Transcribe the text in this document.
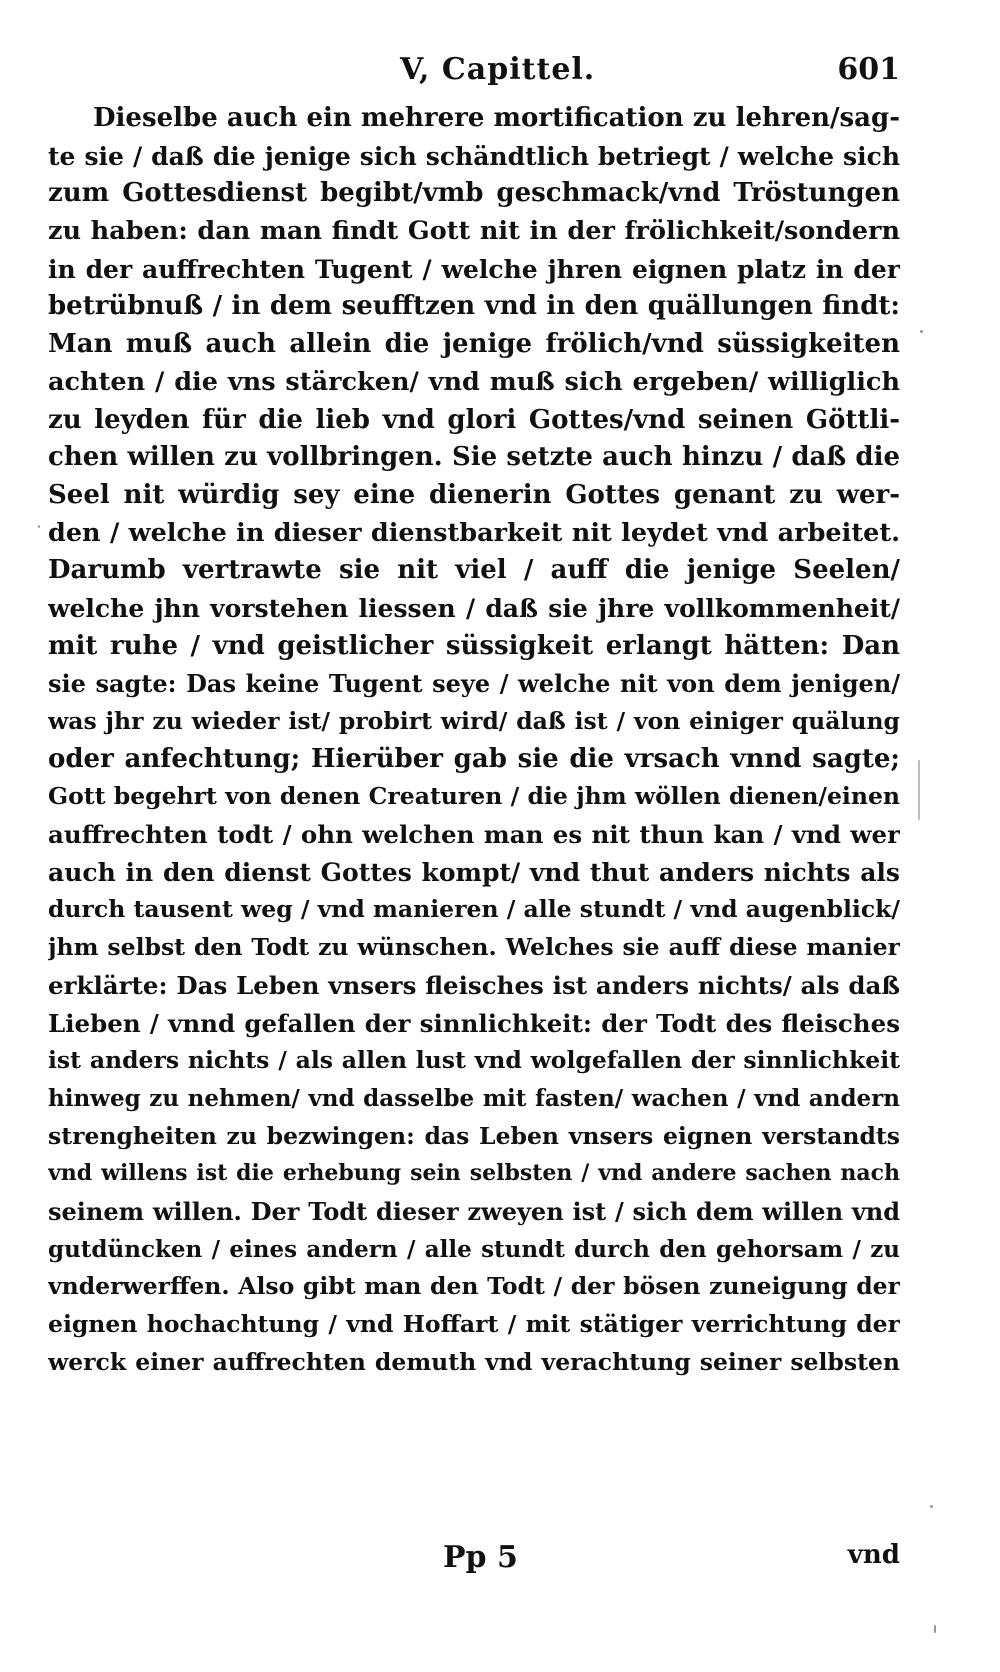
V, Capittel.	601
Dieselbe auch ein mehrere mortification zu lehren/sag-
te sie / daß die jenige sich schändtlich betriegt / welche sich
zum Gottesdienst begibt/vmb geschmack/vnd Tröstungen
zu haben: dan man findt Gott nit in der frölichkeit/sondern
in der auffrechten Tugent / welche jhren eignen platz in der
betrübnuß / in dem seufftzen vnd in den quällungen findt:
Man muß auch allein die jenige frölich/vnd süssigkeiten
achten / die vns stärcken/ vnd muß sich ergeben/ williglich
zu leyden für die lieb vnd glori Gottes/vnd seinen Göttli-
chen willen zu vollbringen. Sie setzte auch hinzu / daß die
Seel nit würdig sey eine dienerin Gottes genant zu wer-
den / welche in dieser dienstbarkeit nit leydet vnd arbeitet.
Darumb vertrawte sie nit viel / auff die jenige Seelen/
welche jhn vorstehen liessen / daß sie jhre vollkommenheit/
mit ruhe / vnd geistlicher süssigkeit erlangt hätten: Dan
sie sagte: Das keine Tugent seye / welche nit von dem jenigen/
was jhr zu wieder ist/ probirt wird/ daß ist / von einiger quälung
oder anfechtung; Hierüber gab sie die vrsach vnnd sagte;
Gott begehrt von denen Creaturen / die jhm wöllen dienen/einen
auffrechten todt / ohn welchen man es nit thun kan / vnd wer
auch in den dienst Gottes kompt/ vnd thut anders nichts als
durch tausent weg / vnd manieren / alle stundt / vnd augenblick/
jhm selbst den Todt zu wünschen. Welches sie auff diese manier
erklärte: Das Leben vnsers fleisches ist anders nichts/ als daß
Lieben / vnnd gefallen der sinnlichkeit: der Todt des fleisches
ist anders nichts / als allen lust vnd wolgefallen der sinnlichkeit
hinweg zu nehmen/ vnd dasselbe mit fasten/ wachen / vnd andern
strengheiten zu bezwingen: das Leben vnsers eignen verstandts
vnd willens ist die erhebung sein selbsten / vnd andere sachen nach
seinem willen. Der Todt dieser zweyen ist / sich dem willen vnd
gutdüncken / eines andern / alle stundt durch den gehorsam / zu
vnderwerffen. Also gibt man den Todt / der bösen zuneigung der
eignen hochachtung / vnd Hoffart / mit stätiger verrichtung der
werck einer auffrechten demuth vnd verachtung seiner selbsten
Pp 5	vnd
